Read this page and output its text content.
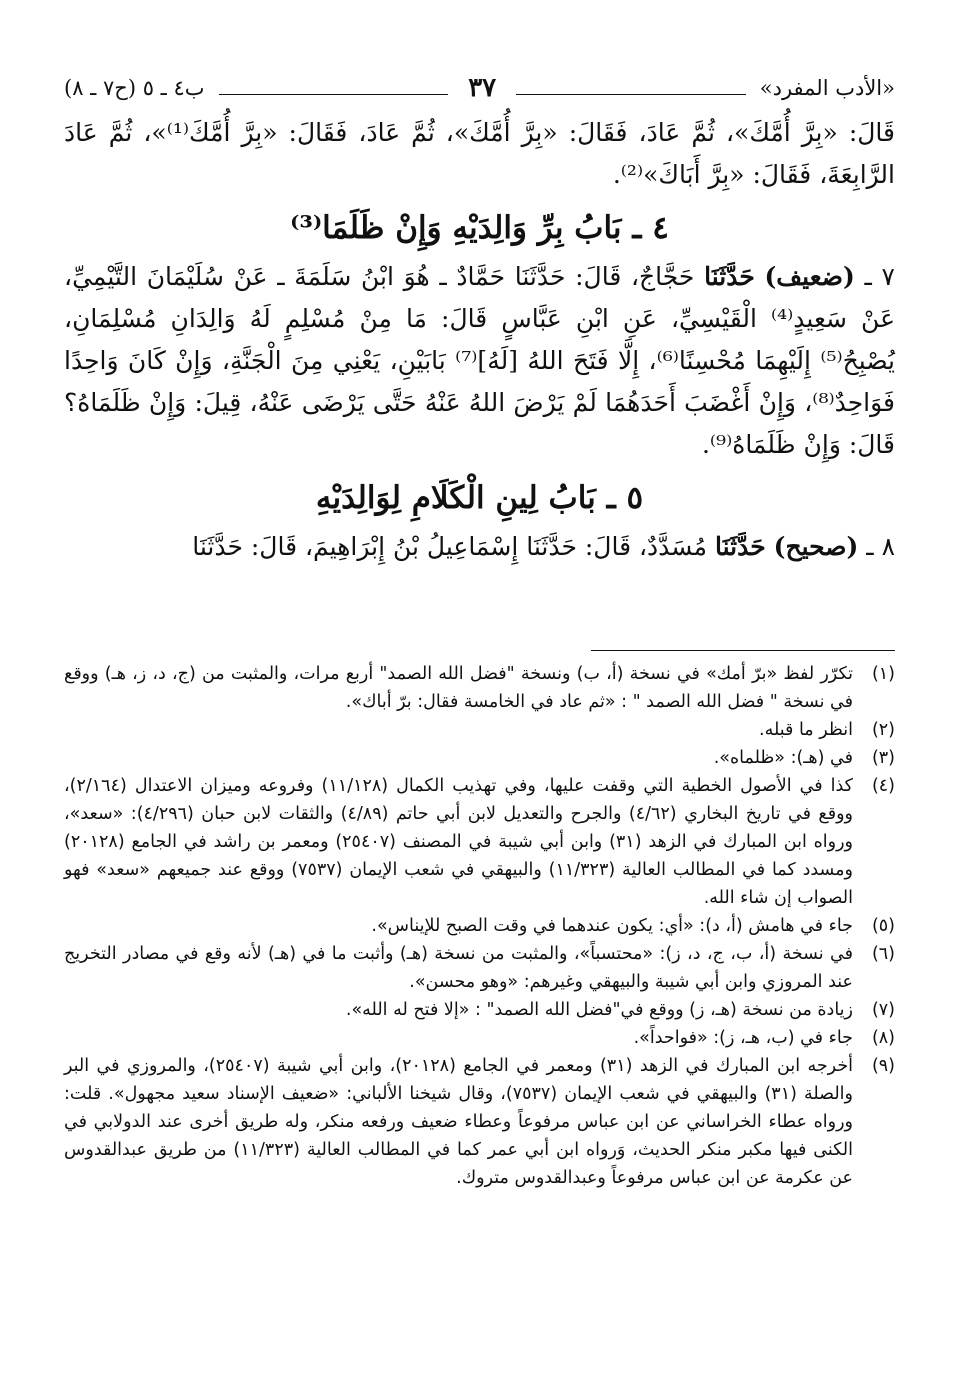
«الأدب المفرد»
٣٧
ب٤ ـ ٥ (ح٧ ـ ٨)

قَالَ: «بِرَّ أُمَّكَ»، ثُمَّ عَادَ، فَقَالَ: «بِرَّ أُمَّكَ»، ثُمَّ عَادَ، فَقَالَ: «بِرَّ أُمَّكَ⁽¹⁾»، ثُمَّ عَادَ الرَّابِعَةَ، فَقَالَ: «بِرَّ أَبَاكَ»⁽²⁾.

٤ ـ بَابُ بِرِّ وَالِدَيْهِ وَإِنْ ظَلَمَا⁽³⁾

٧ ـ (ضعيف) حَدَّثَنَا حَجَّاجٌ، قَالَ: حَدَّثَنَا حَمَّادٌ ـ هُوَ ابْنُ سَلَمَةَ ـ عَنْ سُلَيْمَانَ التَّيْمِيِّ، عَنْ سَعِيدٍ⁽⁴⁾ الْقَيْسِيِّ، عَنِ ابْنِ عَبَّاسٍ قَالَ: مَا مِنْ مُسْلِمٍ لَهُ وَالِدَانِ مُسْلِمَانِ، يُصْبِحُ⁽⁵⁾ إِلَيْهِمَا مُحْسِنًا⁽⁶⁾، إِلَّا فَتَحَ اللهُ [لَهُ]⁽⁷⁾ بَابَيْنِ، يَعْنِي مِنَ الْجَنَّةِ، وَإِنْ كَانَ وَاحِدًا فَوَاحِدٌ⁽⁸⁾، وَإِنْ أَغْضَبَ أَحَدَهُمَا لَمْ يَرْضَ اللهُ عَنْهُ حَتَّى يَرْضَى عَنْهُ، قِيلَ: وَإِنْ ظَلَمَاهُ؟ قَالَ: وَإِنْ ظَلَمَاهُ⁽⁹⁾.

٥ ـ بَابُ لِينِ الْكَلَامِ لِوَالِدَيْهِ

٨ ـ (صحيح) حَدَّثَنَا مُسَدَّدٌ، قَالَ: حَدَّثَنَا إِسْمَاعِيلُ بْنُ إِبْرَاهِيمَ، قَالَ: حَدَّثَنَا

(١)
تكرّر لفظ «برّ أمك» في نسخة (أ، ب) ونسخة "فضل الله الصمد" أربع مرات، والمثبت من (ج، د، ز، هـ) ووقع في نسخة " فضل الله الصمد " : «ثم عاد في الخامسة فقال: برّ أباك».
(٢)
انظر ما قبله.
(٣)
في (هـ): «ظلماه».
(٤)
كذا في الأصول الخطية التي وقفت عليها، وفي تهذيب الكمال (١١/١٢٨) وفروعه وميزان الاعتدال (٢/١٦٤)، ووقع في تاريخ البخاري (٤/٦٢) والجرح والتعديل لابن أبي حاتم (٤/٨٩) والثقات لابن حبان (٤/٢٩٦): «سعد»، ورواه ابن المبارك في الزهد (٣١) وابن أبي شيبة في المصنف (٢٥٤٠٧) ومعمر بن راشد في الجامع (٢٠١٢٨) ومسدد كما في المطالب العالية (١١/٣٢٣) والبيهقي في شعب الإيمان (٧٥٣٧) ووقع عند جميعهم «سعد» فهو الصواب إن شاء الله.
(٥)
جاء في هامش (أ، د): «أي: يكون عندهما في وقت الصبح للإيناس».
(٦)
في نسخة (أ، ب، ج، د، ز): «محتسباً»، والمثبت من نسخة (هـ) وأثبت ما في (هـ) لأنه وقع في مصادر التخريج عند المروزي وابن أبي شيبة والبيهقي وغيرهم: «وهو محسن».
(٧)
زيادة من نسخة (هـ، ز) ووقع في"فضل الله الصمد" : «إلا فتح له الله».
(٨)
جاء في (ب، هـ، ز): «فواحداً».
(٩)
أخرجه ابن المبارك في الزهد (٣١) ومعمر في الجامع (٢٠١٢٨)، وابن أبي شيبة (٢٥٤٠٧)، والمروزي في البر والصلة (٣١) والبيهقي في شعب الإيمان (٧٥٣٧)، وقال شيخنا الألباني: «ضعيف الإسناد سعيد مجهول». قلت: ورواه عطاء الخراساني عن ابن عباس مرفوعاً وعطاء ضعيف ورفعه منكر، وله طريق أخرى عند الدولابي في الكنى فيها مكبر منكر الحديث، وَرواه ابن أبي عمر كما في المطالب العالية (١١/٣٢٣) من طريق عبدالقدوس عن عكرمة عن ابن عباس مرفوعاً وعبدالقدوس متروك.
